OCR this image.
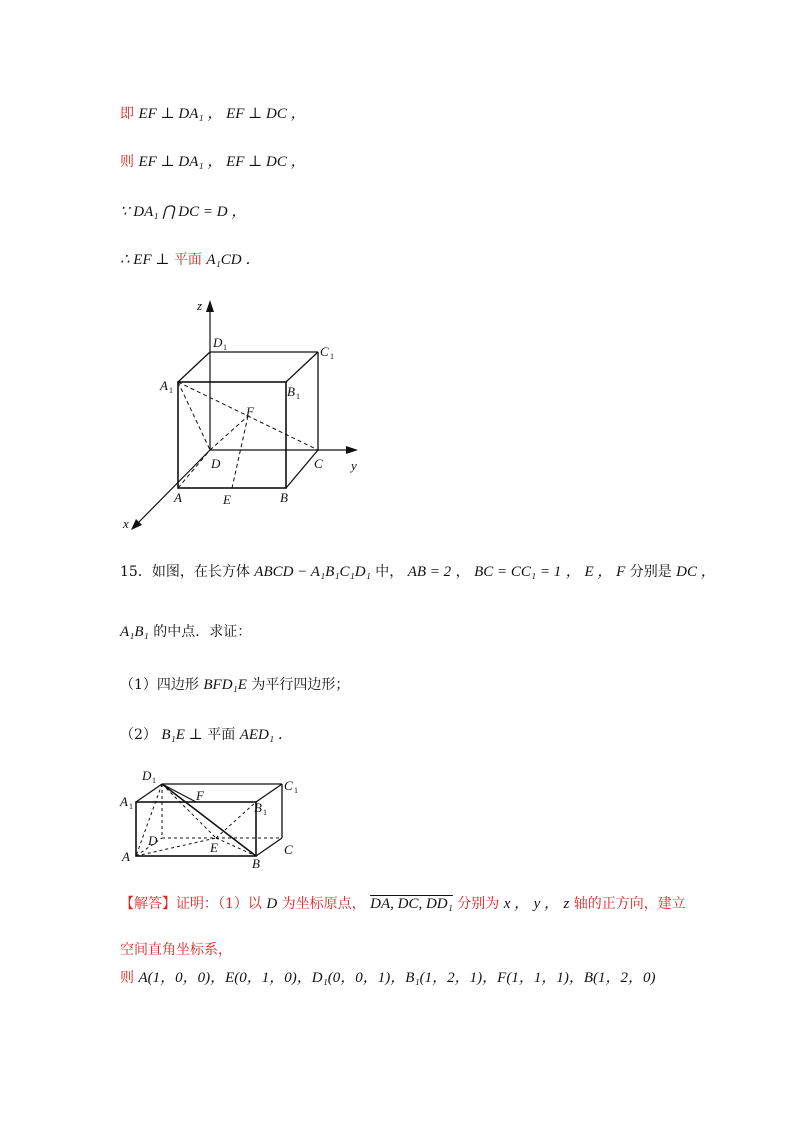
即 EF ⊥ DA₁ ， EF ⊥ DC ，
则 EF ⊥ DA₁ ， EF ⊥ DC ，
∵ DA₁ ⋂ DC = D ，
∴ EF ⊥ 平面 A₁CD ．
z
y
x
D 1	C 1
A 1	B 1
F
D	C
A	E	B
15．如图，在长方体 ABCD − A₁B₁C₁D₁ 中， AB = 2 ， BC = CC₁ = 1 ， E ， F 分别是 DC ，
A₁B₁ 的中点．求证：
（1）四边形 BFD₁E 为平行四边形；
（2） B₁E ⊥ 平面 AED₁ ．
D 1	C 1
A 1	B 1
F
D	E
A	B
C
【解答】证明：（1）以 D 为坐标原点， DA, DC, DD₁ 分别为 x ， y ， z 轴的正方向，建立
空间直角坐标系，
则 A(1，0，0)，E(0，1，0)，D₁(0，0，1)，B₁(1，2，1)，F(1，1，1)，B(1，2，0)
